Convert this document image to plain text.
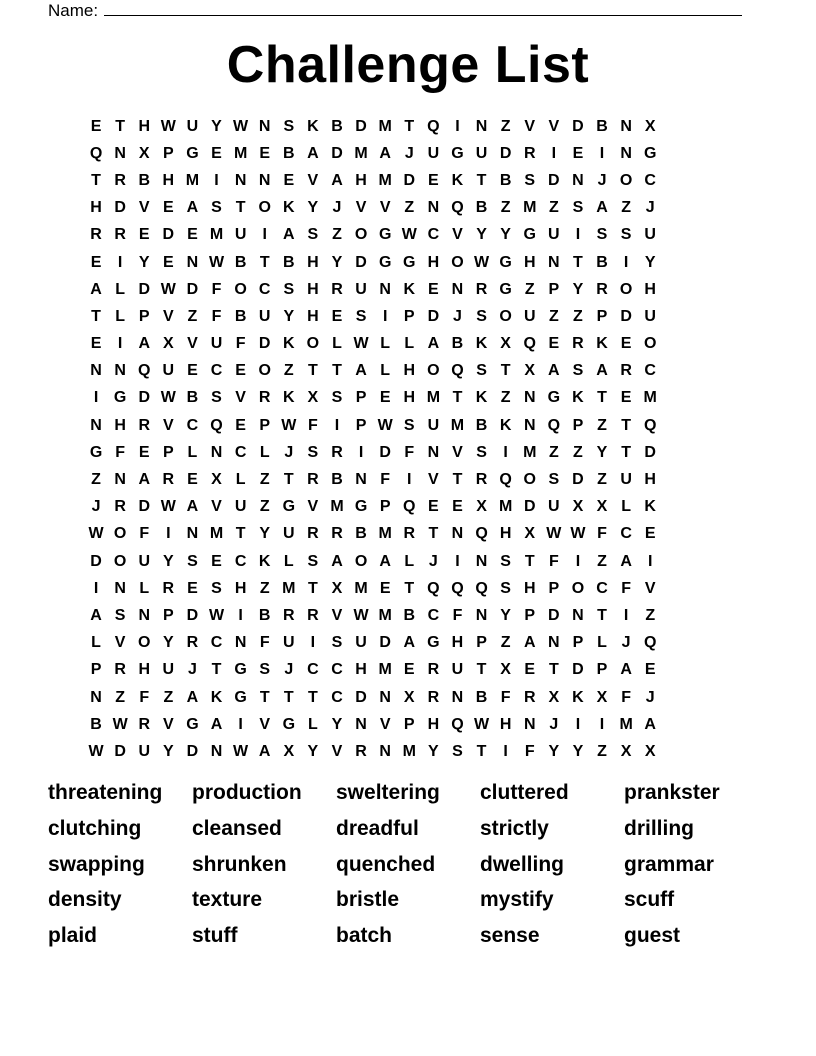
Name:
Challenge List
E T H W U Y W N S K B D M T Q I	N Z V V D B N X
Q N X P G E M E B A D M A J U G U D R	I	E	I	N G
T R B H M I	N N E V A H M D E K T B S D N J O C
H D V E A S T O K Y J V V Z N Q B Z M Z S A Z J
R R E D E M U	I	A S Z O G W C V Y Y G U	I	S S U
E	I	Y E N W B T B H Y D G G H O W G H N T B	I	Y
A L D W D F O C S H R U N K E N R G Z P Y R O H
T L P V Z F B U Y H E S	I	P D J S O U Z Z P D U
E	I	A X V U F D K O L W L L A B K X Q E R K E O
N N Q U E C E O Z T T A L H O Q S T X A S A R C
I G D W B S V R K X S P E H M T K Z N G K T E M
N H R V C Q E P W F	I	P W S U M B K N Q P Z T Q
G F E P L N C L J S R	I	D F N V S	I M Z Z Y T D
Z N A R E X L Z T R B N F	I	V T R Q O S D Z U H
J R D W A V U Z G V M G P Q E E X M D U X X L K
W O F	I	N M T Y U R R B M R T N Q H X W W F C E
D O U Y S E C K L S A O A L J	I	N S T F	I	Z A	I
I	N L R E S H Z M T X M E T Q Q Q S H P O C F V
A S N P D W I	B R R V W M B C F N Y P D N T	I	Z
L V O Y R C N F U	I	S U D A G H P Z A N P L J Q
P R H U J T G S J C C H M E R U T X E T D P A E
N Z F Z A K G T T T C D N X R N B F R X K X F J
B W R V G A	I	V G L Y N V P H Q W H N J	I	I M A
W D U Y D N W A X Y V R N M Y S T	I	F Y Y Z X X
threatening	production	sweltering	cluttered	prankster
clutching	cleansed	dreadful	strictly	drilling
swapping	shrunken	quenched	dwelling	grammar
density	texture	bristle	mystify	scuff
plaid	stuff	batch	sense	guest
